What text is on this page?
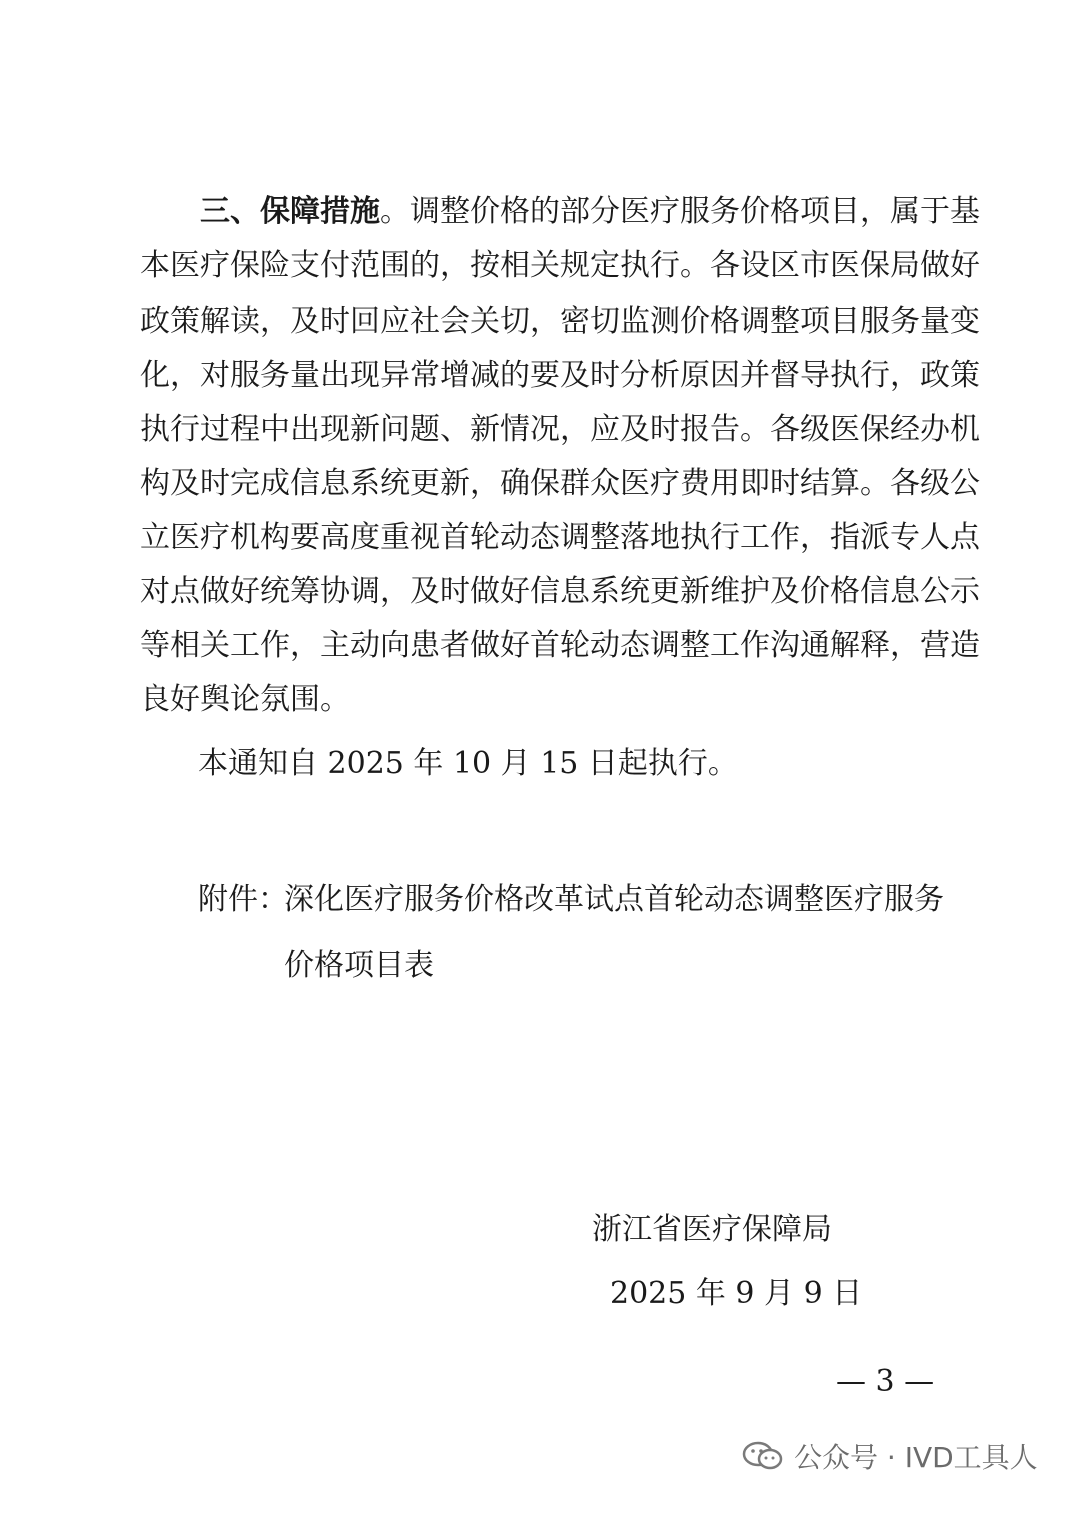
三、保障措施。调整价格的部分医疗服务价格项目，属于基
本医疗保险支付范围的，按相关规定执行。各设区市医保局做好
政策解读，及时回应社会关切，密切监测价格调整项目服务量变
化，对服务量出现异常增减的要及时分析原因并督导执行，政策
执行过程中出现新问题、新情况，应及时报告。各级医保经办机
构及时完成信息系统更新，确保群众医疗费用即时结算。各级公
立医疗机构要高度重视首轮动态调整落地执行工作，指派专人点
对点做好统筹协调，及时做好信息系统更新维护及价格信息公示
等相关工作，主动向患者做好首轮动态调整工作沟通解释，营造
良好舆论氛围。
本通知自 2025 年 10 月 15 日起执行。
附件：
深化医疗服务价格改革试点首轮动态调整医疗服务
价格项目表
浙江省医疗保障局
2025 年 9 月 9 日
— 3 —
公众号 · IVD工具人
